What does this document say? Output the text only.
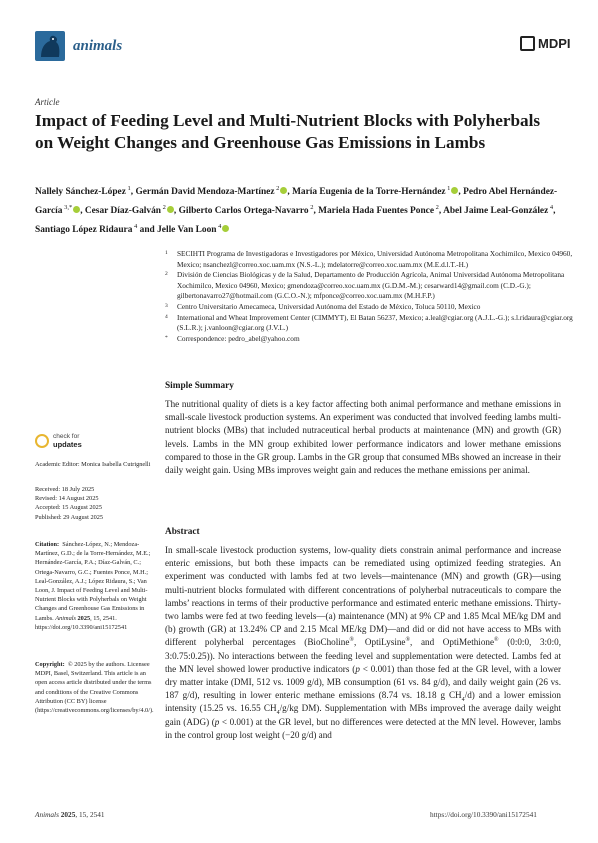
animals	MDPI
Article
Impact of Feeding Level and Multi-Nutrient Blocks with Polyherbals on Weight Changes and Greenhouse Gas Emissions in Lambs
Nallely Sánchez-López $^1$, Germán David Mendoza-Martínez $^2$ , María Eugenia de la Torre-Hernández $^1$ , Pedro Abel Hernández-García $^{3,*}$ , Cesar Díaz-Galván $^2$ , Gilberto Carlos Ortega-Navarro $^2$, Mariela Hada Fuentes Ponce $^2$, Abel Jaime Leal-González $^4$, Santiago López Ridaura $^4$ and Jelle Van Loon $^4$
1 SECIHTI Programa de Investigadoras e Investigadores por México, Universidad Autónoma Metropolitana Xochimilco, Mexico 04960, Mexico; nsanchezl@correo.xoc.uam.mx (N.S.-L.); mdelatorre@correo.xoc.uam.mx (M.E.d.l.T.-H.)
2 División de Ciencias Biológicas y de la Salud, Departamento de Producción Agrícola, Animal Universidad Autónoma Metropolitana Xochimilco, Mexico 04960, Mexico; gmendoza@correo.xoc.uam.mx (G.D.M.-M.); cesarward14@gmail.com (C.D.-G.); gilbertonavarro27@hotmail.com (G.C.O.-N.); mfponce@correo.xoc.uam.mx (M.H.F.P.)
3 Centro Universitario Amecameca, Universidad Autónoma del Estado de México, Toluca 50110, Mexico
4 International and Wheat Improvement Center (CIMMYT), El Batan 56237, Mexico; a.leal@cgiar.org (A.J.L.-G.); s.l.ridaura@cgiar.org (S.L.R.); j.vanloon@cgiar.org (J.V.L.)
* Correspondence: pedro_abel@yahoo.com
check for
updates
Academic Editor: Monica Isabella Cutrignelli

Received: 18 July 2025

Revised: 14 August 2025

Accepted: 15 August 2025

Published: 29 August 2025

Citation: Sánchez-López, N.; Mendoza-Martínez, G.D.; de la Torre-Hernández, M.E.; Hernández-García, P.A.; Díaz-Galván, C.; Ortega-Navarro, G.C.; Fuentes Ponce, M.H.; Leal-González, A.J.; López Ridaura, S.; Van Loon, J. Impact of Feeding Level and Multi-Nutrient Blocks with Polyherbals on Weight Changes and Greenhouse Gas Emissions in Lambs. Animals 2025, 15, 2541. https://doi.org/10.3390/ani15172541
Copyright: © 2025 by the authors. Licensee MDPI, Basel, Switzerland. This article is an open access article distributed under the terms and conditions of the Creative Commons Attribution (CC BY) license (https://creativecommons.org/licenses/by/4.0/).
Simple Summary

The nutritional quality of diets is a key factor affecting both animal performance and methane emissions in small-scale livestock production systems. An experiment was conducted that involved feeding lambs multi-nutrient blocks (MBs) that included nutraceutical herbal products at maintenance (MN) and growth (GR) levels. Lambs in the MN group exhibited lower performance indicators and lower methane emissions compared to those in the GR group. Lambs in the GR group that consumed MBs showed an increase in their daily weight gain. Using MBs improves weight gain and reduces the methane emissions per animal.

Abstract

In small-scale livestock production systems, low-quality diets constrain animal performance and increase enteric emissions, but both these impacts can be remediated using optimized feeding strategies. An experiment was conducted with lambs fed at two levels—maintenance (MN) and growth (GR)—using multi-nutrient blocks formulated with different concentrations of polyherbal nutraceuticals to compare the lambs’ reactions in terms of their productive performance and estimated enteric methane emissions. Thirty-two lambs were fed at two feeding levels—(a) maintenance (MN) at 9% CP and 1.85 Mcal ME/kg DM and (b) growth (GR) at 13.24% CP and 2.15 Mcal ME/kg DM)—and did or did not have access to MBs with different polyherbal percentages (BioCholine®, OptiLysine®, and OptiMethione® (0:0:0, 3:0:0, 3:0.75:0.25)). No interactions between the feeding level and supplementation were detected. Lambs fed at the MN level showed lower productive indicators (p < 0.001) than those fed at the GR level, with a lower dry matter intake (DMI, 512 vs. 1009 g/d), MB consumption (61 vs. 84 g/d), and daily weight gain (26 vs. 187 g/d), resulting in lower enteric methane emissions (8.74 vs. 18.18 g $CH_4/d$) and a lower emission intensity (15.25 vs. 16.55 $CH_4/g/kg$ DM). Supplementation with MBs improved the average daily weight gain (ADG) (p < 0.001) at the GR level, but no differences were detected at the MN level. However, lambs in the control group lost weight (−20 g/d) and

Animals 2025, 15, 2541	https://doi.org/10.3390/ani15172541
